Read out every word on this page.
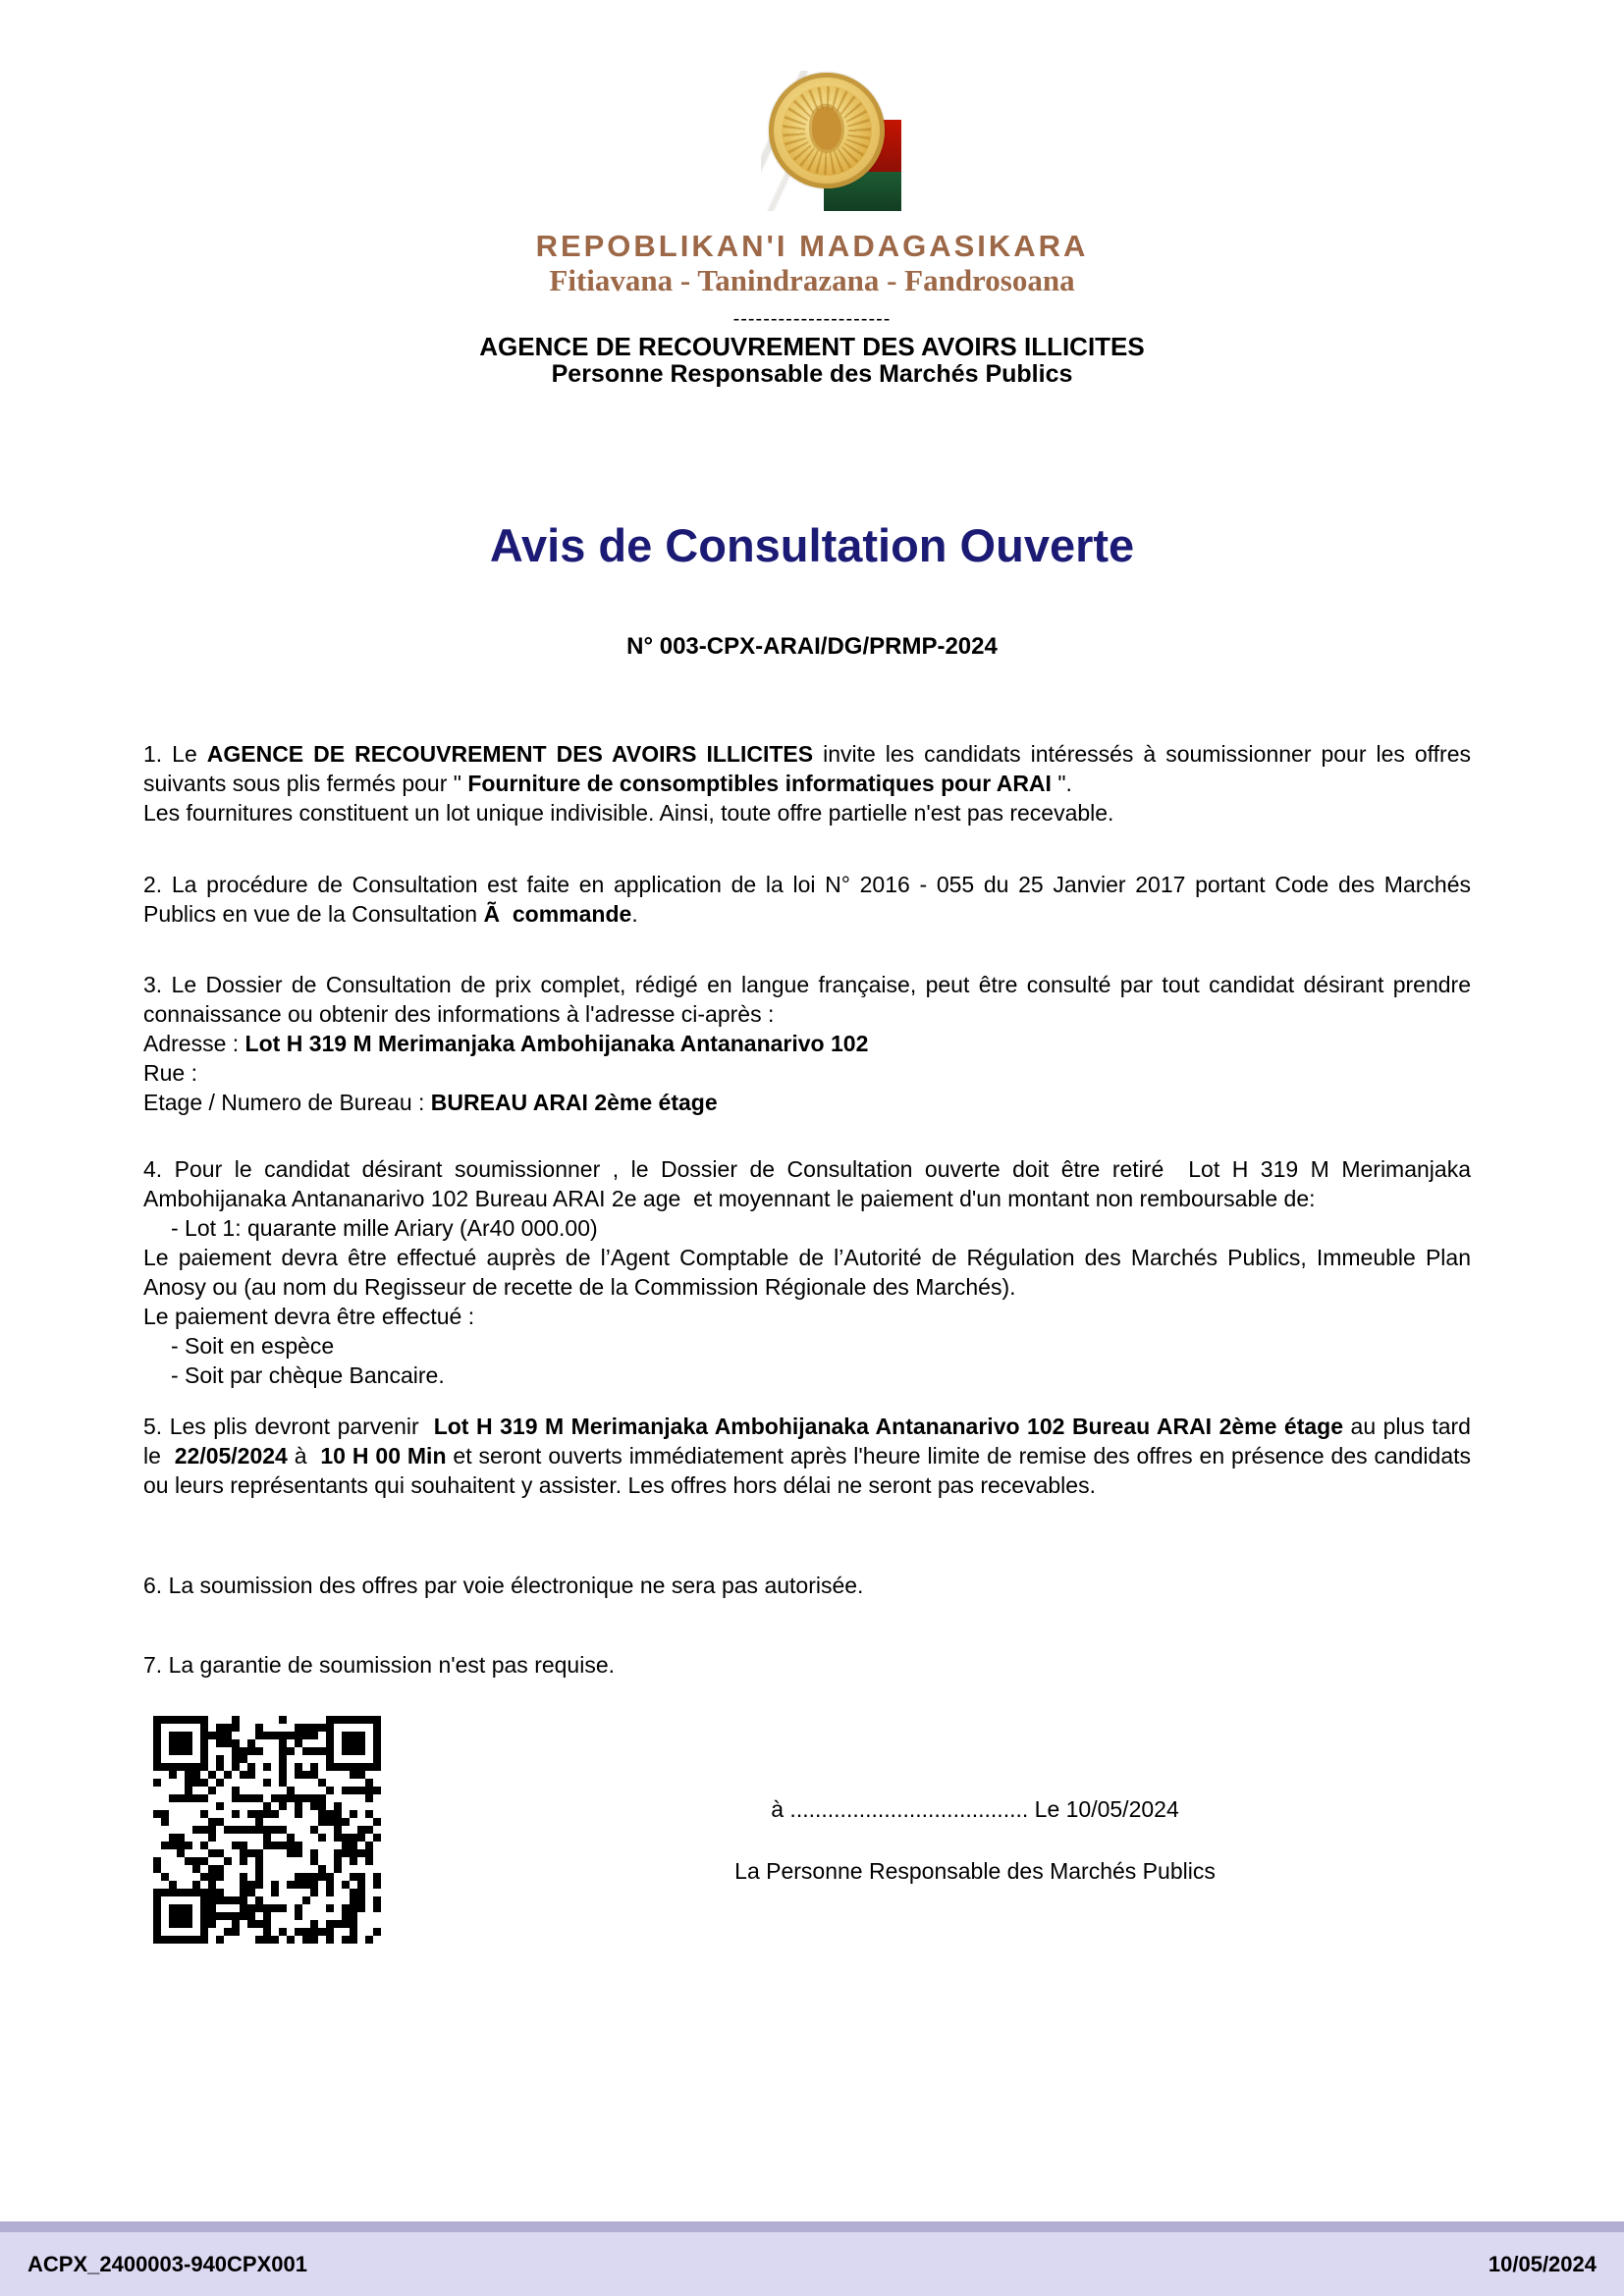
REPOBLIKAN'I MADAGASIKARA
Fitiavana - Tanindrazana - Fandrosoana
---------------------
AGENCE DE RECOUVREMENT DES AVOIRS ILLICITES
Personne Responsable des Marchés Publics
Avis de Consultation Ouverte
N° 003-CPX-ARAI/DG/PRMP-2024
1. Le AGENCE DE RECOUVREMENT DES AVOIRS ILLICITES invite les candidats intéressés à soumissionner pour les offres suivants sous plis fermés pour " Fourniture de consomptibles informatiques pour ARAI ".
Les fournitures constituent un lot unique indivisible. Ainsi, toute offre partielle n'est pas recevable.
2. La procédure de Consultation est faite en application de la loi N° 2016 - 055 du 25 Janvier 2017 portant Code des Marchés Publics en vue de la Consultation Ã  commande.
3. Le Dossier de Consultation de prix complet, rédigé en langue française, peut être consulté par tout candidat désirant prendre connaissance ou obtenir des informations à l'adresse ci-après :
Adresse : Lot H 319 M Merimanjaka Ambohijanaka Antananarivo 102
Rue :
Etage / Numero de Bureau : BUREAU ARAI 2ème étage
4. Pour le candidat désirant soumissionner , le Dossier de Consultation ouverte doit être retiré  Lot H 319 M Merimanjaka Ambohijanaka Antananarivo 102 Bureau ARAI 2e age  et moyennant le paiement d'un montant non remboursable de:
- Lot 1: quarante mille Ariary (Ar40 000.00)
Le paiement devra être effectué auprès de l’Agent Comptable de l’Autorité de Régulation des Marchés Publics, Immeuble Plan Anosy ou (au nom du Regisseur de recette de la Commission Régionale des Marchés).
Le paiement devra être effectué :
- Soit en espèce
- Soit par chèque Bancaire.
5. Les plis devront parvenir  Lot H 319 M Merimanjaka Ambohijanaka Antananarivo 102 Bureau ARAI 2ème étage au plus tard le  22/05/2024 à  10 H 00 Min et seront ouverts immédiatement après l'heure limite de remise des offres en présence des candidats ou leurs représentants qui souhaitent y assister. Les offres hors délai ne seront pas recevables.
6. La soumission des offres par voie électronique ne sera pas autorisée.
7. La garantie de soumission n'est pas requise.
à ...................................... Le 10/05/2024
La Personne Responsable des Marchés Publics
ACPX_2400003-940CPX001	10/05/2024
